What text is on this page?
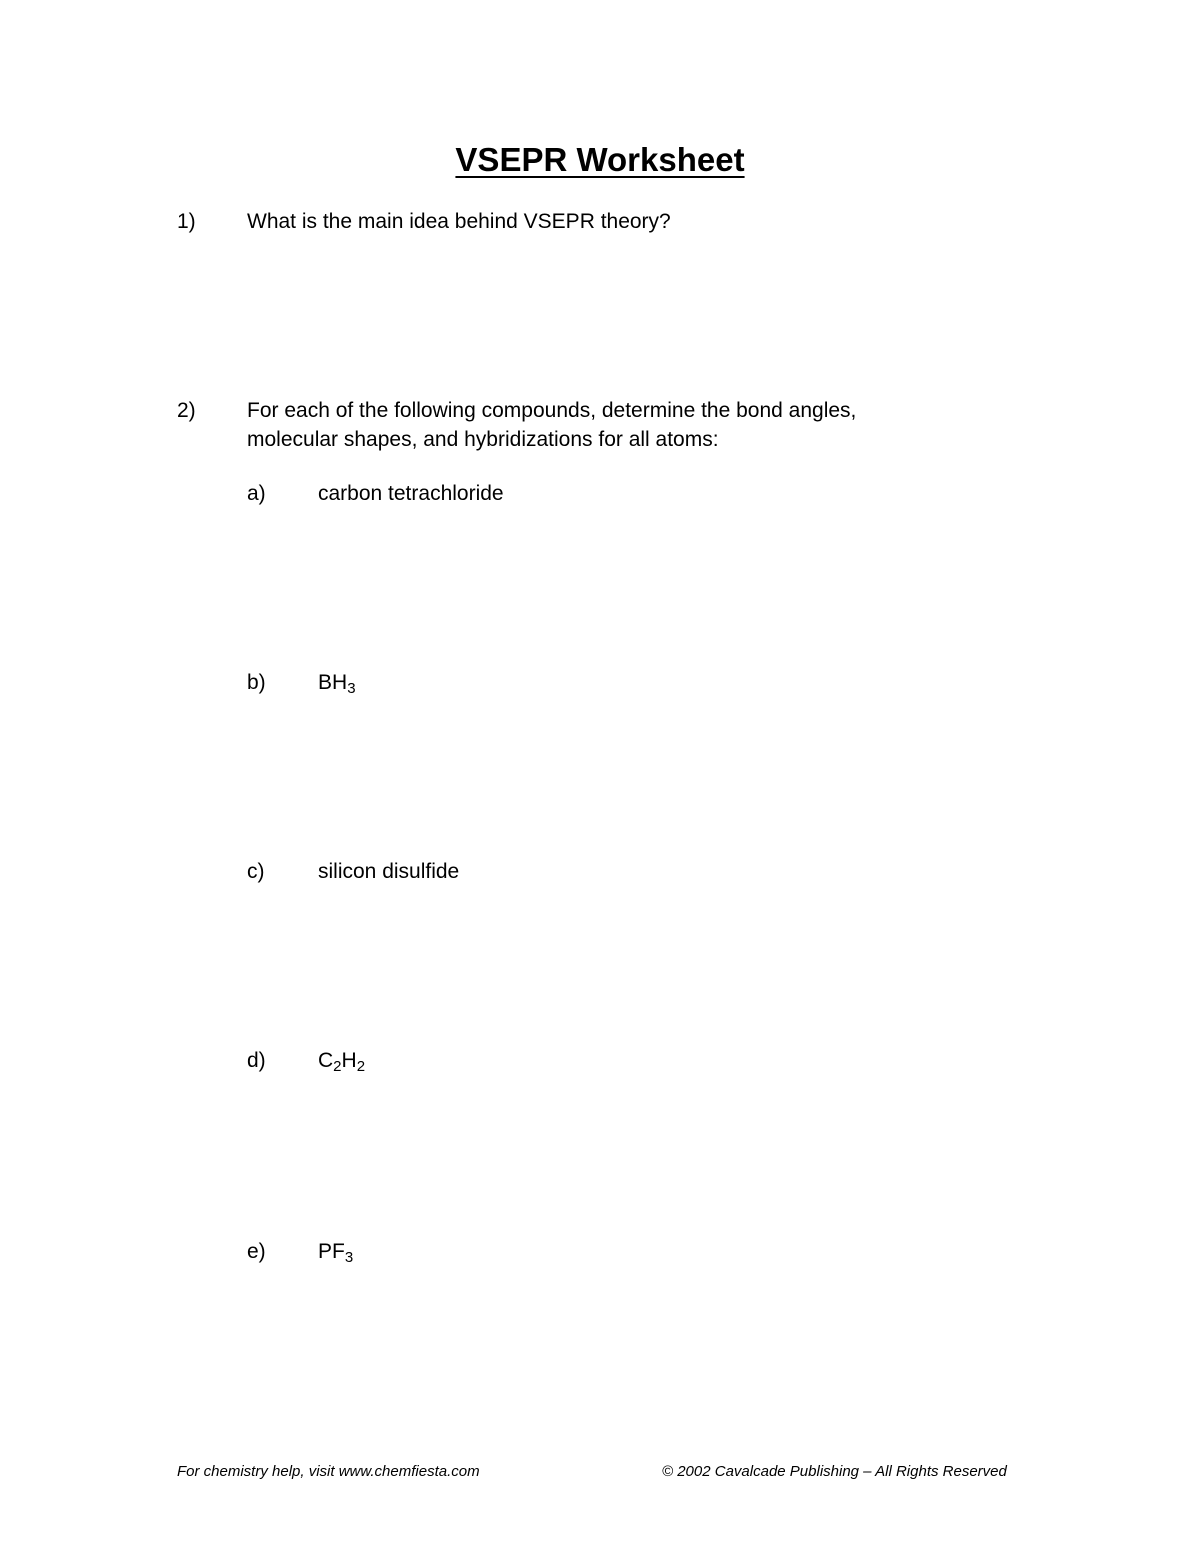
VSEPR Worksheet
1) What is the main idea behind VSEPR theory?
2) For each of the following compounds, determine the bond angles,
molecular shapes, and hybridizations for all atoms:
a) carbon tetrachloride
b) $BH_3$
c)	silicon disulfide
d) $C_2H_2$
e) $PF_3$
For chemistry help, visit www.chemfiesta.com	© 2002 Cavalcade Publishing – All Rights Reserved
